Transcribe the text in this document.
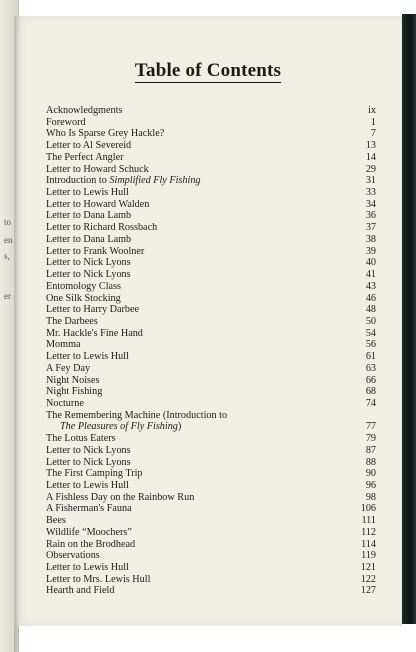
to
en
s,
er
Table of Contents
Acknowledgments	ix
Foreword	1
Who Is Sparse Grey Hackle?	7
Letter to Al Severeid	13
The Perfect Angler	14
Letter to Howard Schuck	29
Introduction to Simplified Fly Fishing	31
Letter to Lewis Hull	33
Letter to Howard Walden	34
Letter to Dana Lamb	36
Letter to Richard Rossbach	37
Letter to Dana Lamb	38
Letter to Frank Woolner	39
Letter to Nick Lyons	40
Letter to Nick Lyons	41
Entomology Class	43
One Silk Stocking	46
Letter to Harry Darbee	48
The Darbees	50
Mr. Hackle's Fine Hand	54
Momma	56
Letter to Lewis Hull	61
A Fey Day	63
Night Noises	66
Night Fishing	68
Nocturne	74
The Remembering Machine (Introduction to
The Pleasures of Fly Fishing)	77
The Lotus Eaters	79
Letter to Nick Lyons	87
Letter to Nick Lyons	88
The First Camping Trip	90
Letter to Lewis Hull	96
A Fishless Day on the Rainbow Run	98
A Fisherman's Fauna	106
Bees	111
Wildlife “Moochers”	112
Rain on the Brodhead	114
Observations	119
Letter to Lewis Hull	121
Letter to Mrs. Lewis Hull	122
Hearth and Field	127
